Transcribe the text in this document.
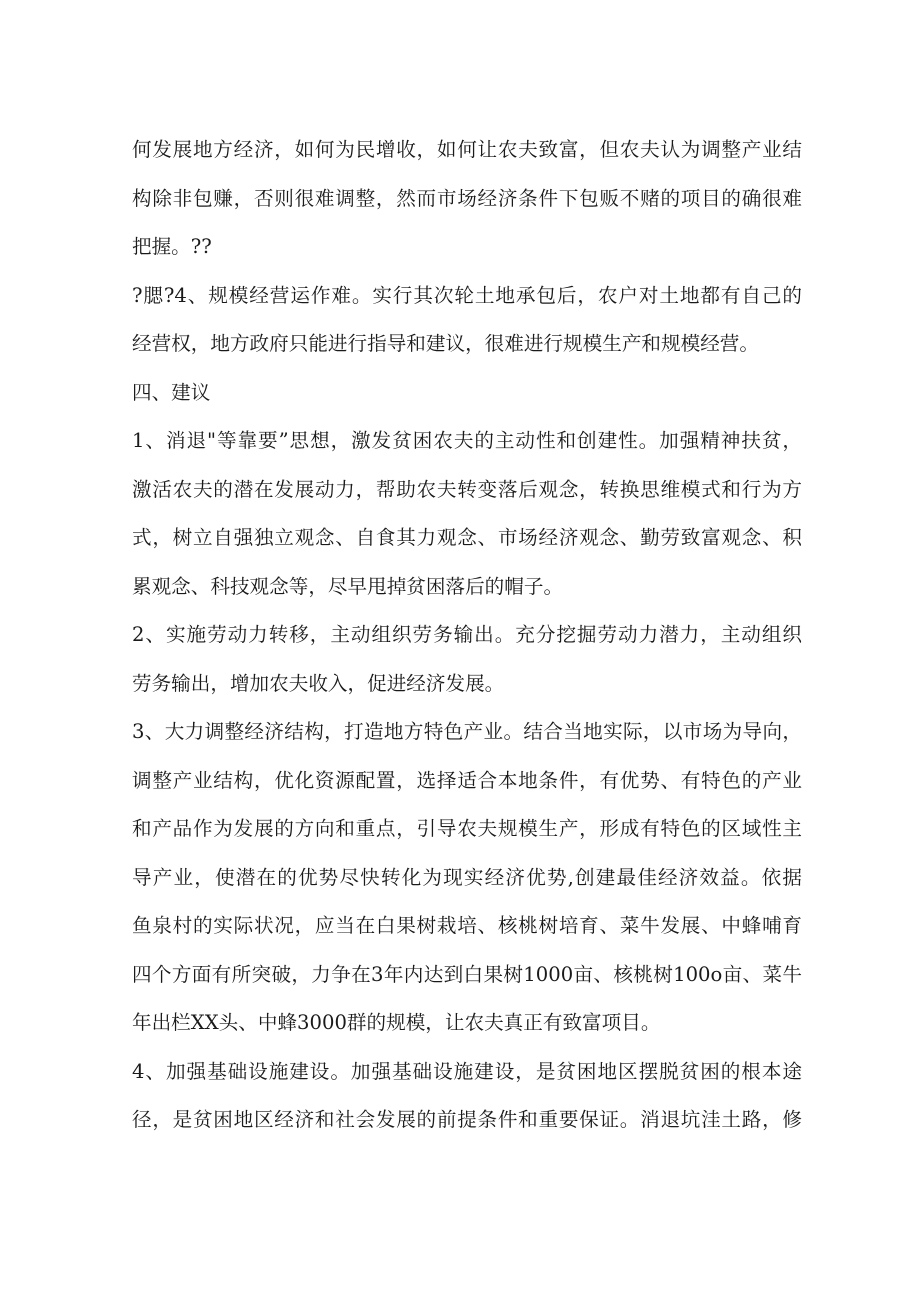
何发展地方经济，如何为民增收，如何让农夫致富，但农夫认为调整产业结
构除非包赚，否则很难调整，然而市场经济条件下包贩不赌的项目的确很难
把握。??
?腮?4、规模经营运作难。实行其次轮土地承包后，农户对土地都有自己的
经营权，地方政府只能进行指导和建议，很难进行规模生产和规模经营。
四、建议
1、消退"等靠要”思想，激发贫困农夫的主动性和创建性。加强精神扶贫，
激活农夫的潜在发展动力，帮助农夫转变落后观念，转换思维模式和行为方
式，树立自强独立观念、自食其力观念、市场经济观念、勤劳致富观念、积
累观念、科技观念等，尽早甩掉贫困落后的帽子。
2、实施劳动力转移，主动组织劳务输出。充分挖掘劳动力潜力，主动组织
劳务输出，增加农夫收入，促进经济发展。
3、大力调整经济结构，打造地方特色产业。结合当地实际，以市场为导向，
调整产业结构，优化资源配置，选择适合本地条件，有优势、有特色的产业
和产品作为发展的方向和重点，引导农夫规模生产，形成有特色的区域性主
导产业，使潜在的优势尽快转化为现实经济优势,创建最佳经济效益。依据
鱼泉村的实际状况，应当在白果树栽培、核桃树培育、菜牛发展、中蜂哺育
四个方面有所突破，力争在3年内达到白果树1000亩、核桃树100o亩、菜牛
年出栏XX头、中蜂3000群的规模，让农夫真正有致富项目。
4、加强基础设施建设。加强基础设施建设，是贫困地区摆脱贫困的根本途
径，是贫困地区经济和社会发展的前提条件和重要保证。消退坑洼土路，修
